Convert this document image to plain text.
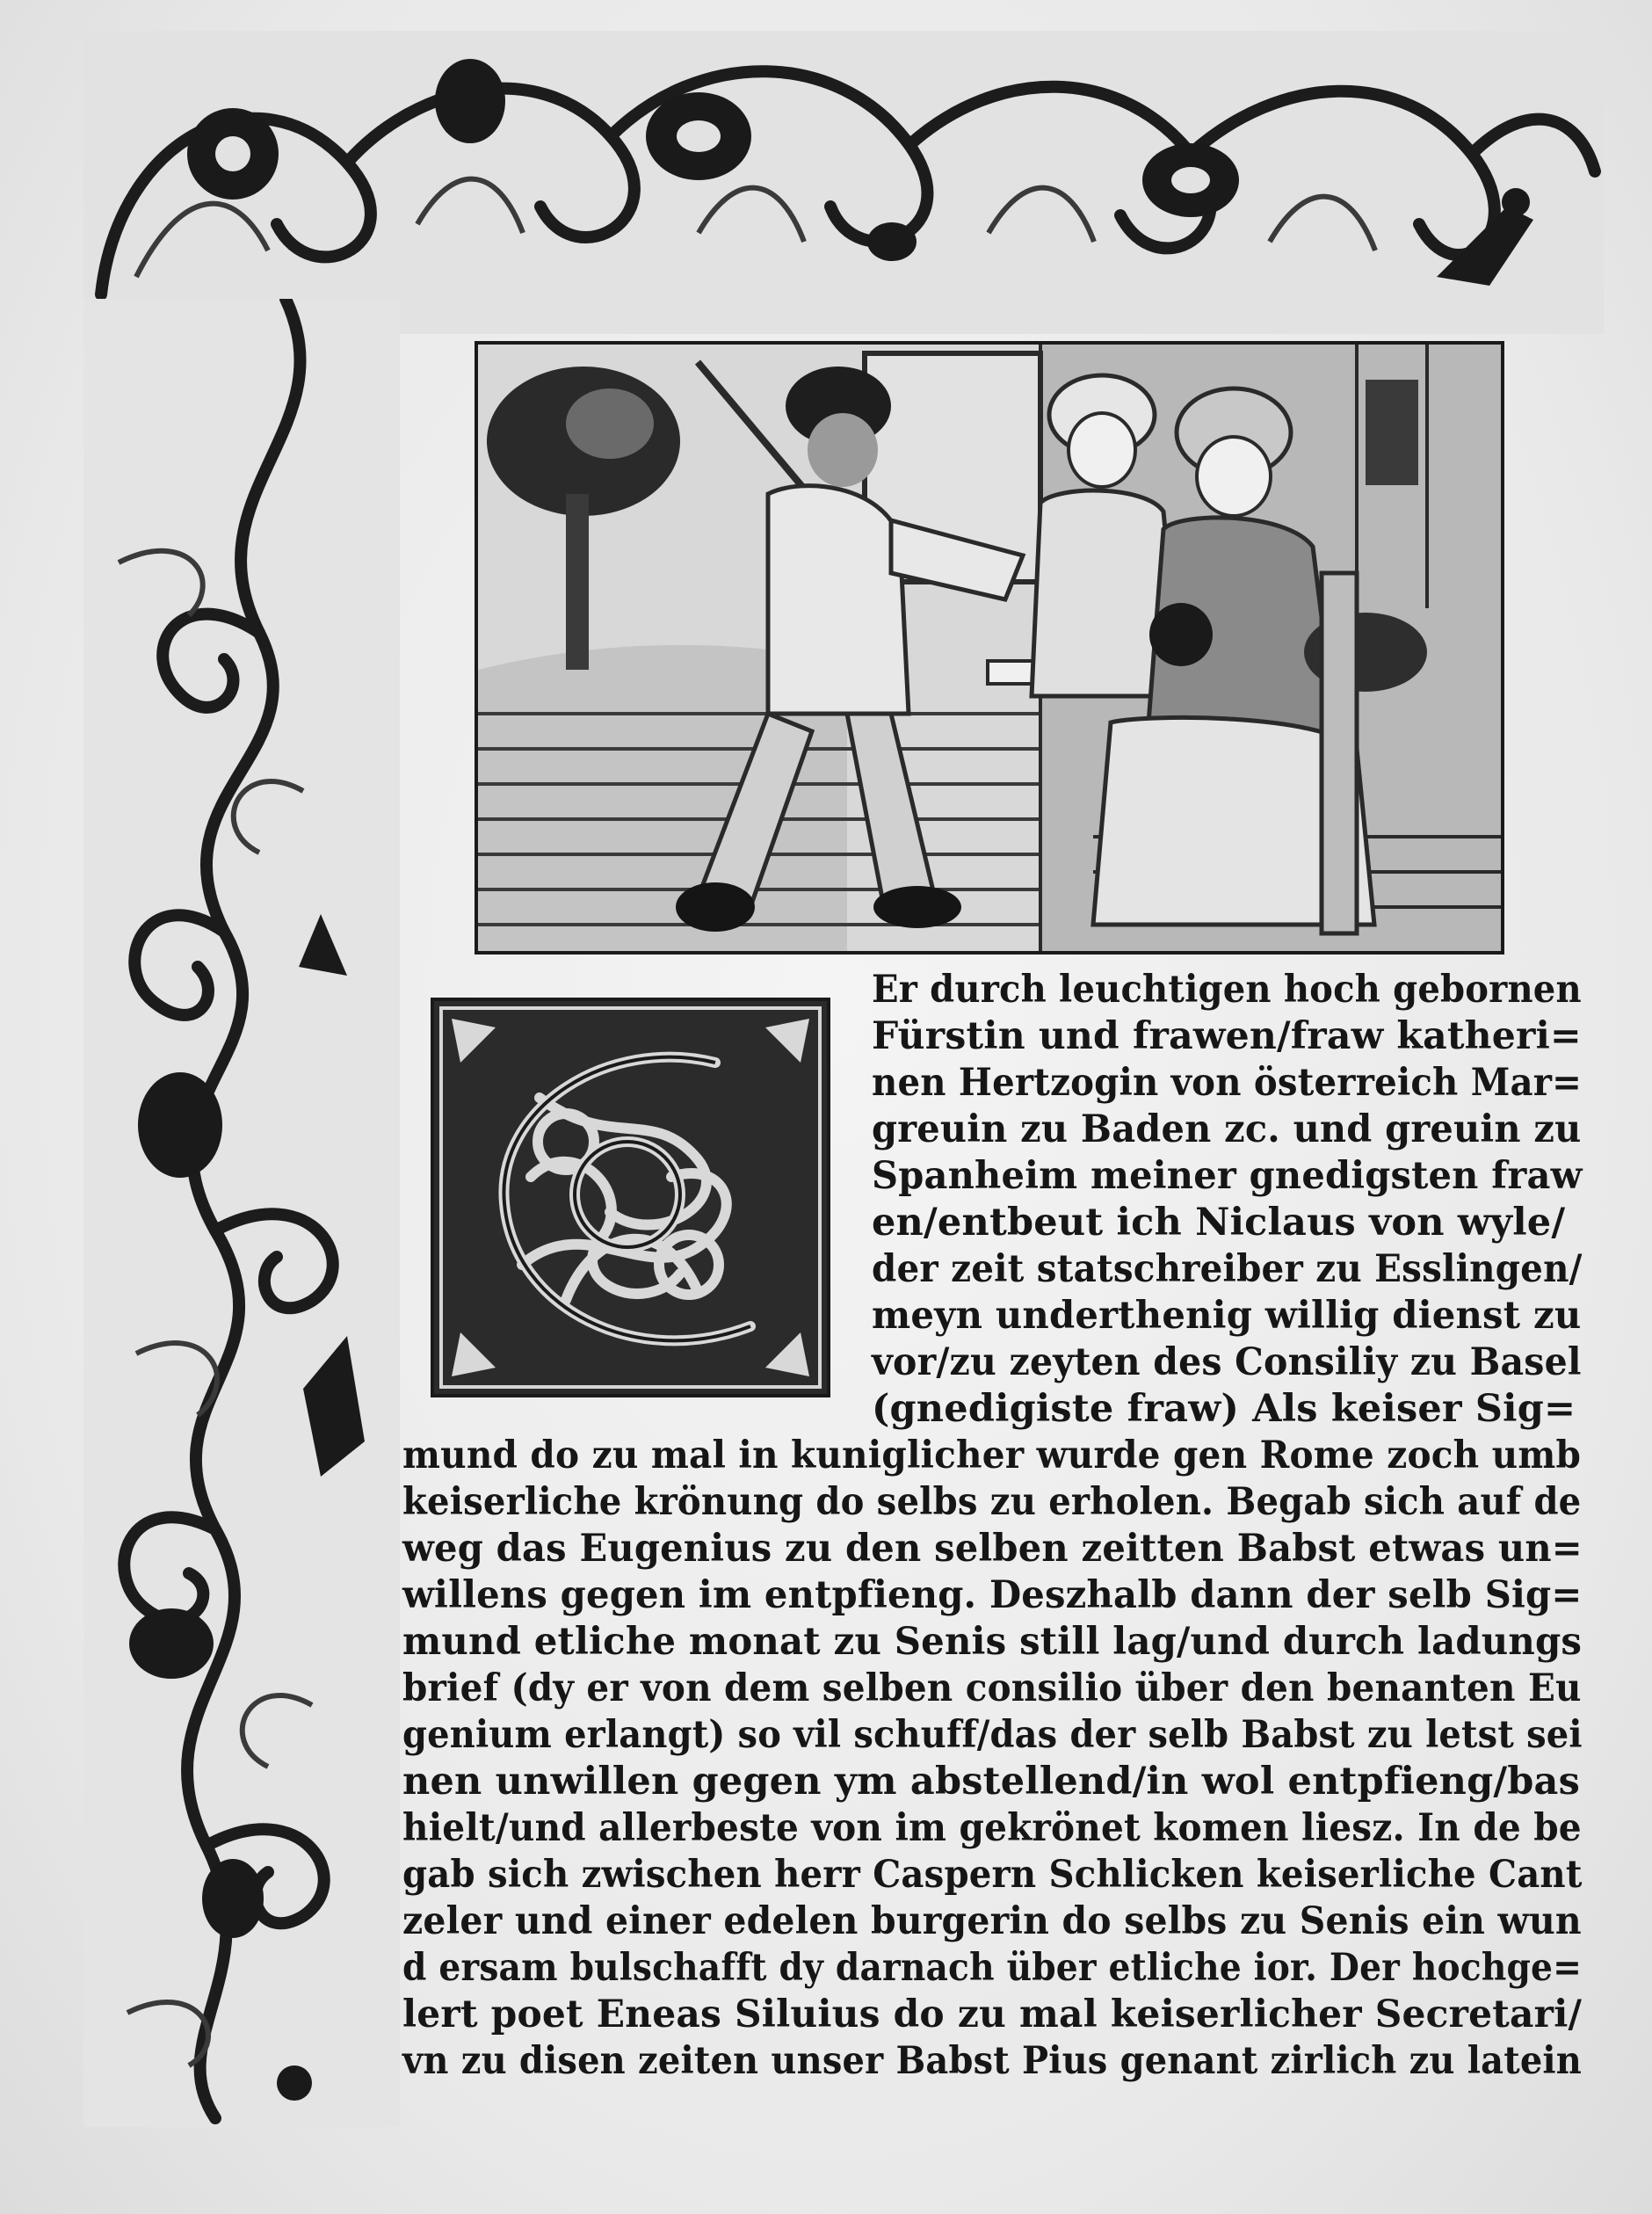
Er durch leuchtigen hoch gebornen
Fürstin und frawen/fraw katheri=
nen Hertzogin von österreich Mar=
greuin zu Baden zc. und greuin zu
Spanheim meiner gnedigsten fraw
en/entbeut ich Niclaus von wyle/
der zeit statschreiber zu Esslingen/
meyn underthenig willig dienst zu
vor/zu zeyten des Consiliy zu Basel
(gnedigiste fraw) Als keiser Sig=
mund do zu mal in kuniglicher wurde gen Rome zoch umb
keiserliche krönung do selbs zu erholen. Begab sich auf de
weg das Eugenius zu den selben zeitten Babst etwas un=
willens gegen im entpfieng. Deszhalb dann der selb Sig=
mund etliche monat zu Senis still lag/und durch ladungs
brief (dy er von dem selben consilio über den benanten Eu
genium erlangt) so vil schuff/das der selb Babst zu letst sei
nen unwillen gegen ym abstellend/in wol entpfieng/bas
hielt/und allerbeste von im gekrönet komen liesz. In de be
gab sich zwischen herr Caspern Schlicken keiserliche Cant
zeler und einer edelen burgerin do selbs zu Senis ein wun
d ersam bulschafft dy darnach über etliche ior. Der hochge=
lert poet Eneas Siluius do zu mal keiserlicher Secretari/
vn zu disen zeiten unser Babst Pius genant zirlich zu latein
